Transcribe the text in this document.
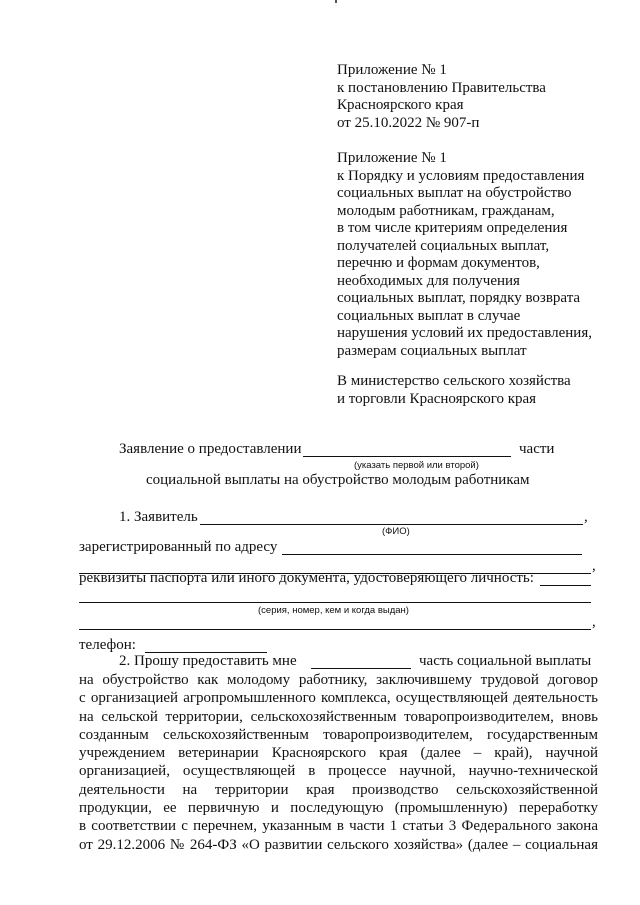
Приложение № 1
к постановлению Правительства
Красноярского края
от 25.10.2022 № 907-п
Приложение № 1
к Порядку и условиям предоставления
социальных выплат на обустройство
молодым работникам, гражданам,
в том числе критериям определения
получателей социальных выплат,
перечню и формам документов,
необходимых для получения
социальных выплат, порядку возврата
социальных выплат в случае
нарушения условий их предоставления,
размерам социальных выплат
В министерство сельского хозяйства
и торговли Красноярского края
Заявление о предоставлении	части
(указать первой или второй)
социальной выплаты на обустройство молодым работникам
1. Заявитель	,
(ФИО)
зарегистрированный по адресу
,
реквизиты паспорта или иного документа, удостоверяющего личность:
(серия, номер, кем и когда выдан)
,
телефон:
2. Прошу предоставить мне	часть социальной выплаты
на обустройство как молодому работнику, заключившему трудовой договор
с организацией агропромышленного комплекса, осуществляющей деятельность
на сельской территории, сельскохозяйственным товаропроизводителем, вновь
созданным сельскохозяйственным товаропроизводителем, государственным
учреждением ветеринарии Красноярского края (далее – край), научной
организацией, осуществляющей в процессе научной, научно-технической
деятельности на территории края производство сельскохозяйственной
продукции, ее первичную и последующую (промышленную) переработку
в соответствии с перечнем, указанным в части 1 статьи 3 Федерального закона
от 29.12.2006 № 264-ФЗ «О развитии сельского хозяйства» (далее – социальная
